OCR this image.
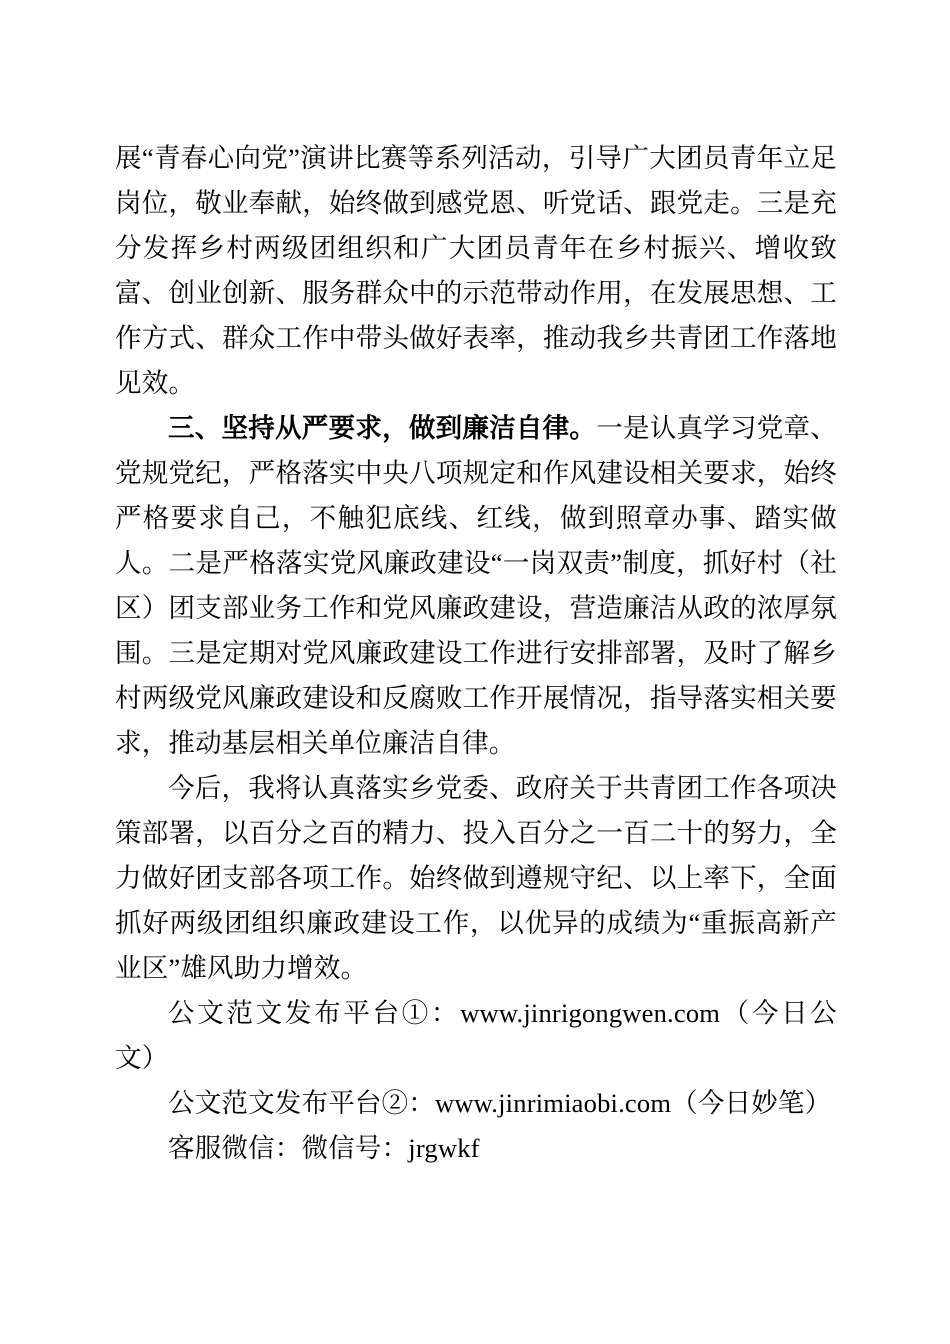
展“青春心向党”演讲比赛等系列活动，引导广大团员青年立足岗位，敬业奉献，始终做到感党恩、听党话、跟党走。三是充分发挥乡村两级团组织和广大团员青年在乡村振兴、增收致富、创业创新、服务群众中的示范带动作用，在发展思想、工作方式、群众工作中带头做好表率，推动我乡共青团工作落地见效。

三、坚持从严要求，做到廉洁自律。一是认真学习党章、党规党纪，严格落实中央八项规定和作风建设相关要求，始终严格要求自己，不触犯底线、红线，做到照章办事、踏实做人。二是严格落实党风廉政建设“一岗双责”制度，抓好村（社区）团支部业务工作和党风廉政建设，营造廉洁从政的浓厚氛围。三是定期对党风廉政建设工作进行安排部署，及时了解乡村两级党风廉政建设和反腐败工作开展情况，指导落实相关要求，推动基层相关单位廉洁自律。

今后，我将认真落实乡党委、政府关于共青团工作各项决策部署，以百分之百的精力、投入百分之一百二十的努力，全力做好团支部各项工作。始终做到遵规守纪、以上率下，全面抓好两级团组织廉政建设工作，以优异的成绩为“重振高新产业区”雄风助力增效。

公文范文发布平台①：www.jinrigongwen.com（今日公文）

公文范文发布平台②：www.jinrimiaobi.com（今日妙笔）

客服微信：微信号：jrgwkf
